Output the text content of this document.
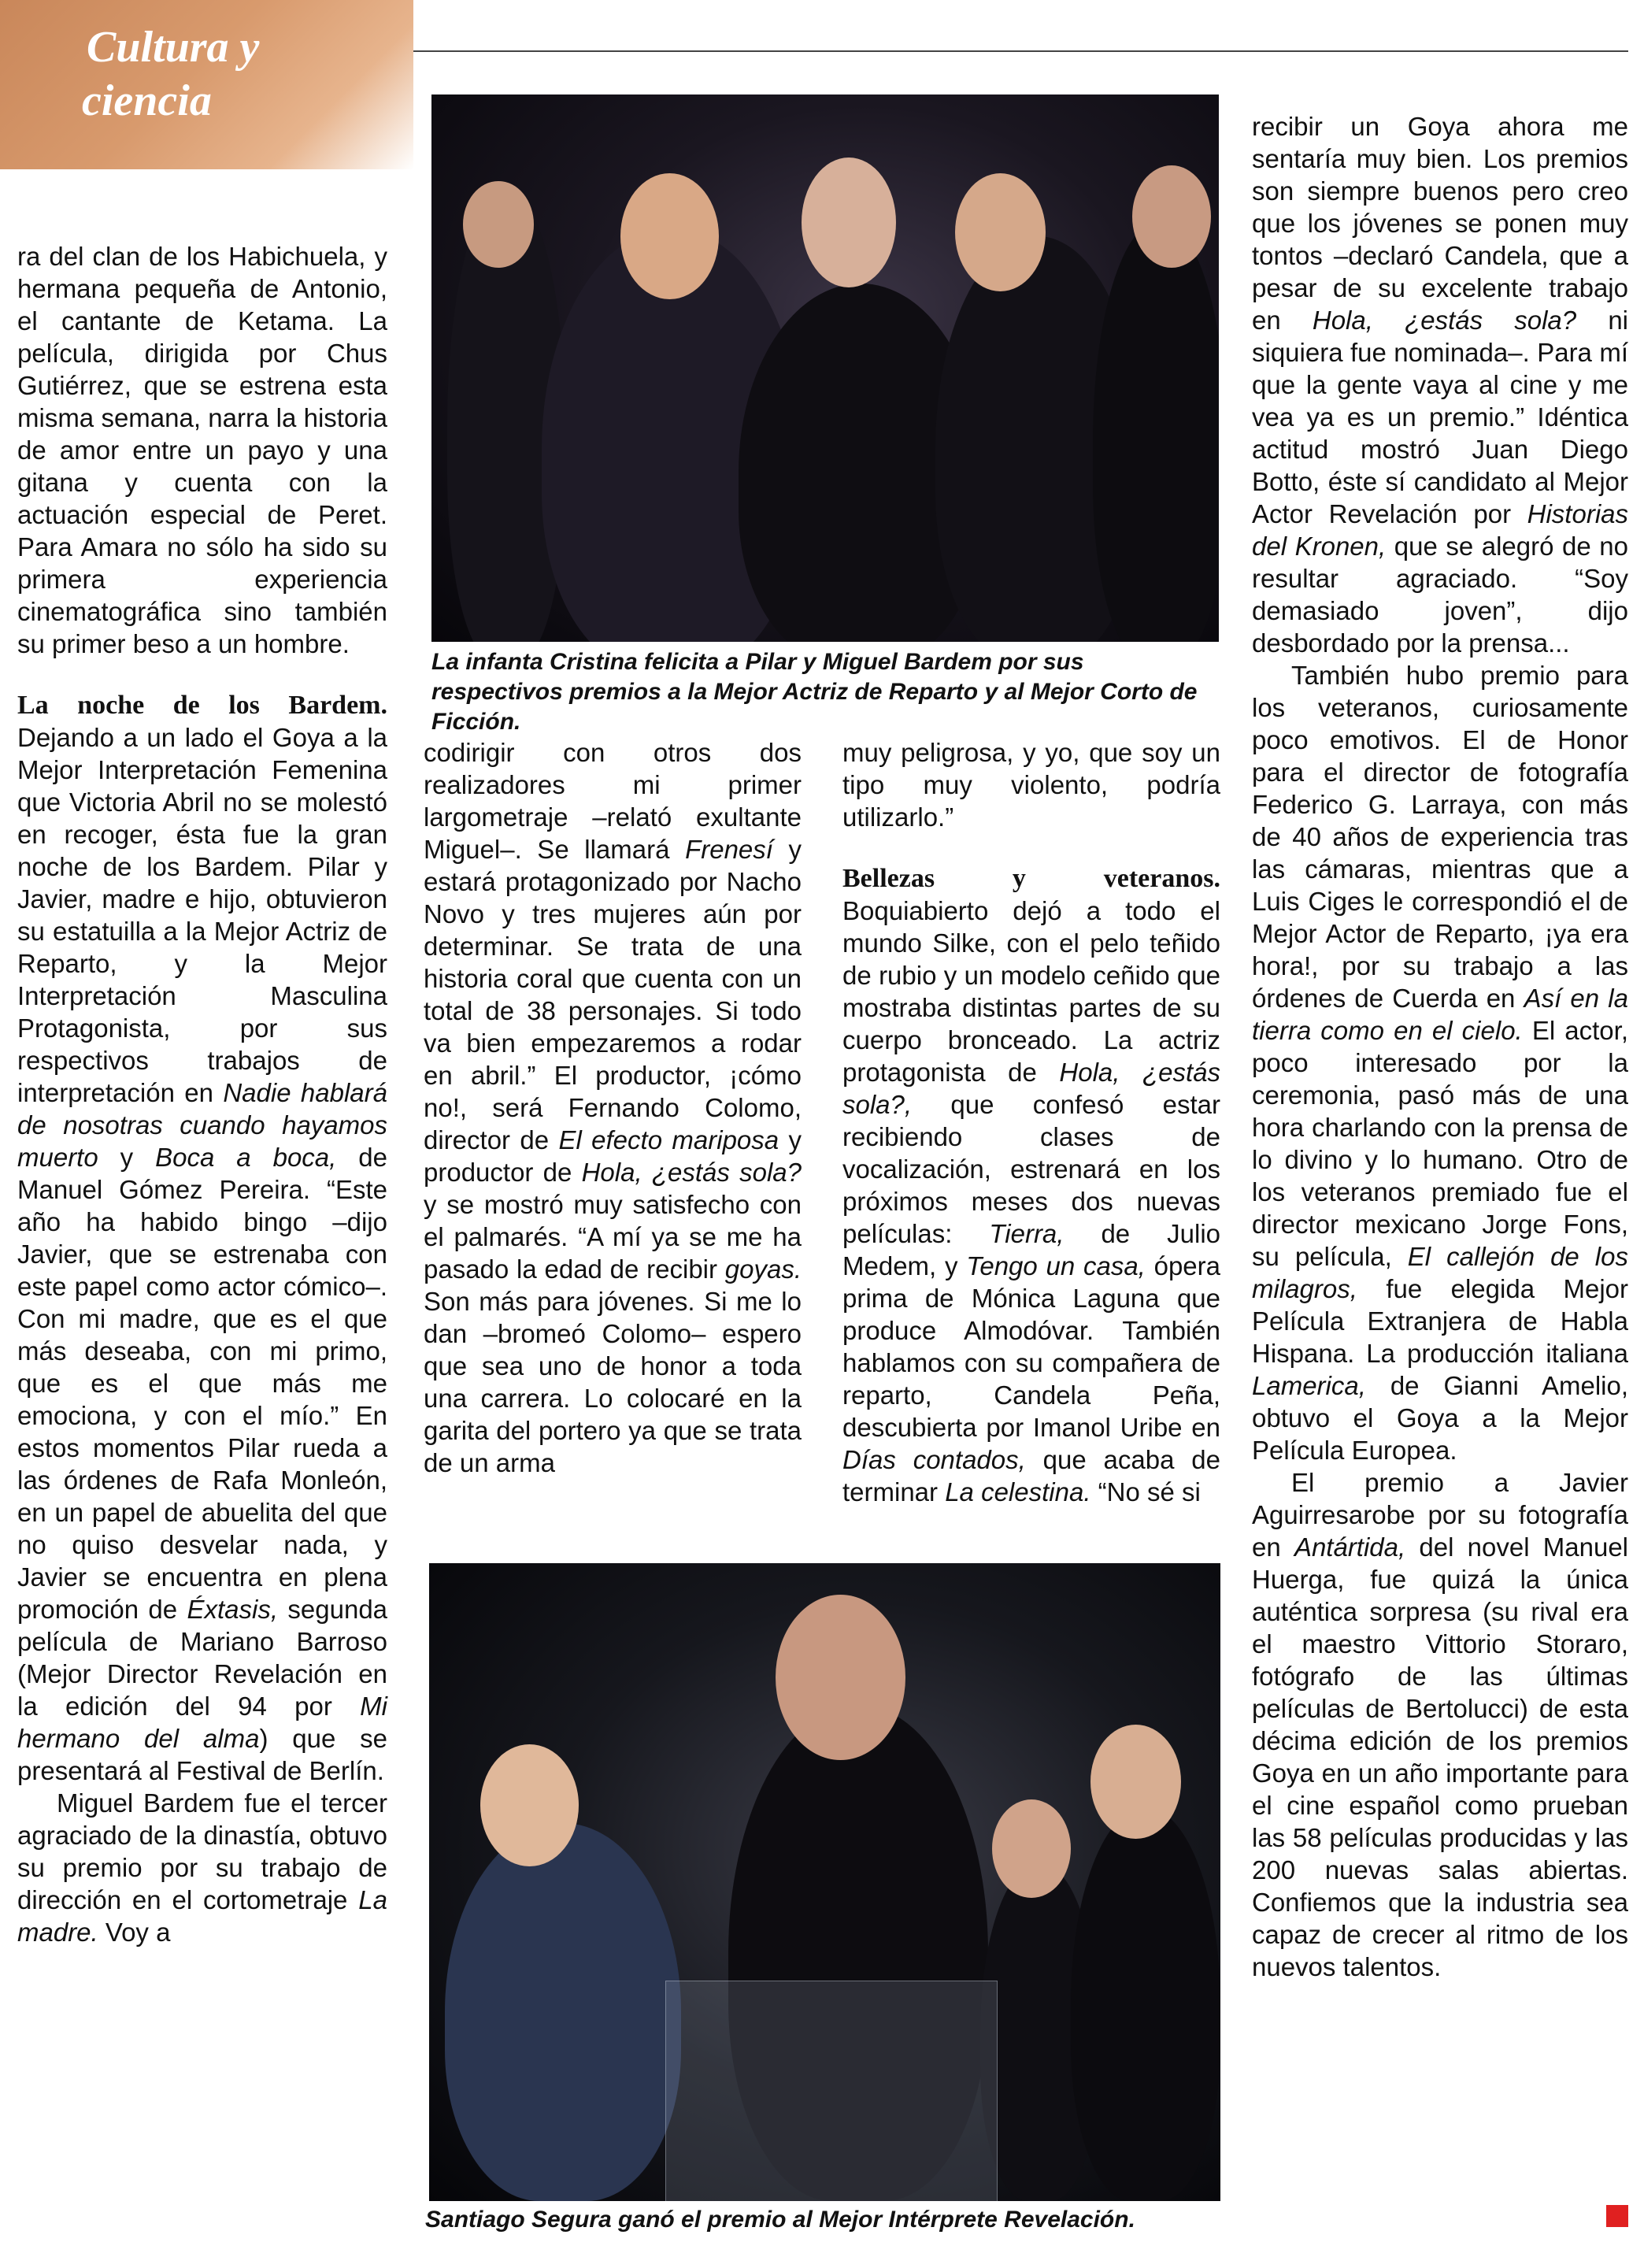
Cultura y
ciencia

ra del clan de los Habichuela, y hermana pequeña de Antonio, el cantante de Ketama. La película, dirigida por Chus Gutiérrez, que se estrena esta misma semana, narra la historia de amor entre un payo y una gitana y cuenta con la actuación especial de Peret. Para Amara no sólo ha sido su primera experiencia cinematográfica sino también su primer beso a un hombre.

La noche de los Bardem. Dejando a un lado el Goya a la Mejor Interpretación Femenina que Victoria Abril no se molestó en recoger, ésta fue la gran noche de los Bardem. Pilar y Javier, madre e hijo, obtuvieron su estatuilla a la Mejor Actriz de Reparto, y la Mejor Interpretación Masculina Protagonista, por sus respectivos trabajos de interpretación en Nadie hablará de nosotras cuando hayamos muerto y Boca a boca, de Manuel Gómez Pereira. “Este año ha habido bingo –dijo Javier, que se estrenaba con este papel como actor cómico–. Con mi madre, que es el que más deseaba, con mi primo, que es el que más me emociona, y con el mío.” En estos momentos Pilar rueda a las órdenes de Rafa Monleón, en un papel de abuelita del que no quiso desvelar nada, y Javier se encuentra en plena promoción de Éxtasis, segunda película de Mariano Barroso (Mejor Director Revelación en la edición del 94 por Mi hermano del alma) que se presentará al Festival de Berlín.

Miguel Bardem fue el tercer agraciado de la dinastía, obtuvo su premio por su trabajo de dirección en el cortometraje La madre. Voy a

La infanta Cristina felicita a Pilar y Miguel Bardem por sus respectivos premios a la Mejor Actriz de Reparto y al Mejor Corto de Ficción.

codirigir con otros dos realizadores mi primer largometraje –relató exultante Miguel–. Se llamará Frenesí y estará protagonizado por Nacho Novo y tres mujeres aún por determinar. Se trata de una historia coral que cuenta con un total de 38 personajes. Si todo va bien empezaremos a rodar en abril.” El productor, ¡cómo no!, será Fernando Colomo, director de El efecto mariposa y productor de Hola, ¿estás sola? y se mostró muy satisfecho con el palmarés. “A mí ya se me ha pasado la edad de recibir goyas. Son más para jóvenes. Si me lo dan –bromeó Colomo– espero que sea uno de honor a toda una carrera. Lo colocaré en la garita del portero ya que se trata de un arma

muy peligrosa, y yo, que soy un tipo muy violento, podría utilizarlo.”

Bellezas y veteranos. Boquiabierto dejó a todo el mundo Silke, con el pelo teñido de rubio y un modelo ceñido que mostraba distintas partes de su cuerpo bronceado. La actriz protagonista de Hola, ¿estás sola?, que confesó estar recibiendo clases de vocalización, estrenará en los próximos meses dos nuevas películas: Tierra, de Julio Medem, y Tengo un casa, ópera prima de Mónica Laguna que produce Almodóvar. También hablamos con su compañera de reparto, Candela Peña, descubierta por Imanol Uribe en Días contados, que acaba de terminar La celestina. “No sé si

recibir un Goya ahora me sentaría muy bien. Los premios son siempre buenos pero creo que los jóvenes se ponen muy tontos –declaró Candela, que a pesar de su excelente trabajo en Hola, ¿estás sola? ni siquiera fue nominada–. Para mí que la gente vaya al cine y me vea ya es un premio.” Idéntica actitud mostró Juan Diego Botto, éste sí candidato al Mejor Actor Revelación por Historias del Kronen, que se alegró de no resultar agraciado. “Soy demasiado joven”, dijo desbordado por la prensa...

También hubo premio para los veteranos, curiosamente poco emotivos. El de Honor para el director de fotografía Federico G. Larraya, con más de 40 años de experiencia tras las cámaras, mientras que a Luis Ciges le correspondió el de Mejor Actor de Reparto, ¡ya era hora!, por su trabajo a las órdenes de Cuerda en Así en la tierra como en el cielo. El actor, poco interesado por la ceremonia, pasó más de una hora charlando con la prensa de lo divino y lo humano. Otro de los veteranos premiado fue el director mexicano Jorge Fons, su película, El callejón de los milagros, fue elegida Mejor Película Extranjera de Habla Hispana. La producción italiana Lamerica, de Gianni Amelio, obtuvo el Goya a la Mejor Película Europea.

El premio a Javier Aguirresarobe por su fotografía en Antártida, del novel Manuel Huerga, fue quizá la única auténtica sorpresa (su rival era el maestro Vittorio Storaro, fotógrafo de las últimas películas de Bertolucci) de esta décima edición de los premios Goya en un año importante para el cine español como prueban las 58 películas producidas y las 200 nuevas salas abiertas. Confiemos que la industria sea capaz de crecer al ritmo de los nuevos talentos.

Santiago Segura ganó el premio al Mejor Intérprete Revelación.
